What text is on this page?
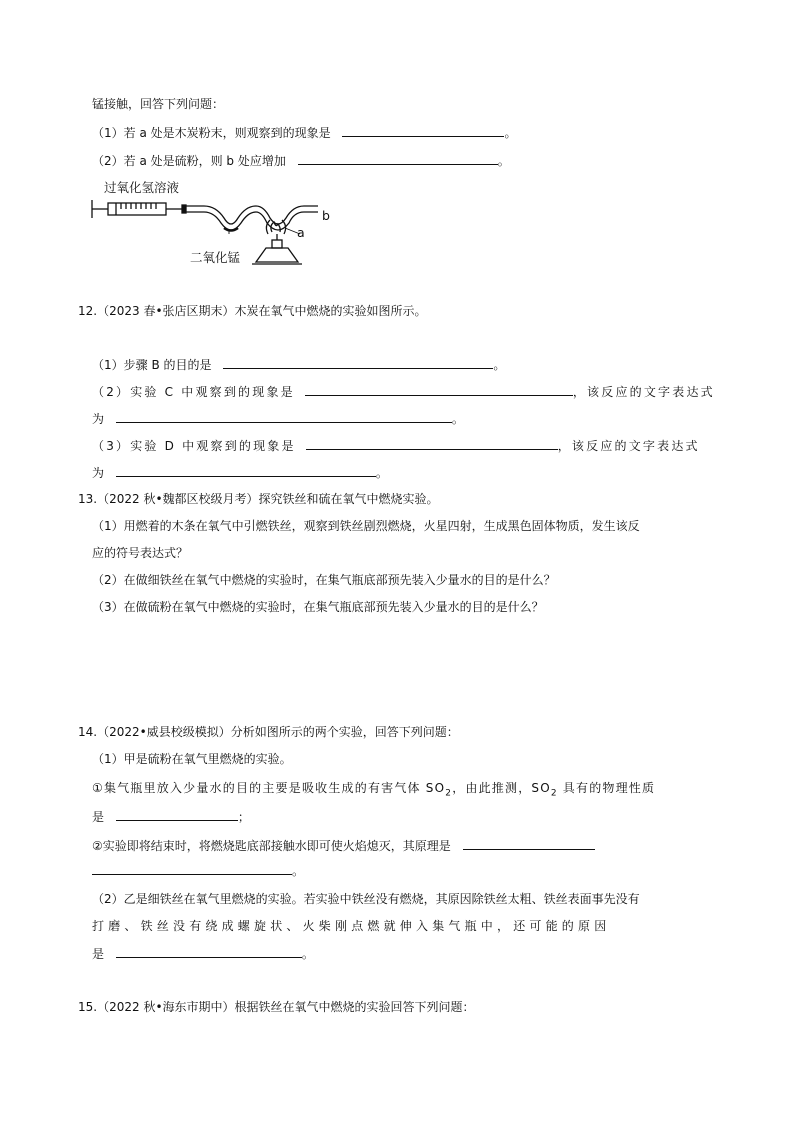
锰接触，回答下列问题：
（1）若 a 处是木炭粉末，则观察到的现象是	。
（2）若 a 处是硫粉，则 b 处应增加	。
过氧化氢溶液
二氧化锰
a
b
12.（2023 春•张店区期末）木炭在氧气中燃烧的实验如图所示。
（1）步骤 B 的目的是	。
（2）实验 C 中观察到的现象是	，该反应的文字表达式
为	。
（3）实验 D 中观察到的现象是	，该反应的文字表达式
为	。
13.（2022 秋•魏都区校级月考）探究铁丝和硫在氧气中燃烧实验。
（1）用燃着的木条在氧气中引燃铁丝，观察到铁丝剧烈燃烧，火星四射，生成黑色固体物质，发生该反
应的符号表达式？
（2）在做细铁丝在氧气中燃烧的实验时，在集气瓶底部预先装入少量水的目的是什么？
（3）在做硫粉在氧气中燃烧的实验时，在集气瓶底部预先装入少量水的目的是什么？
14.（2022•威县校级模拟）分析如图所示的两个实验，回答下列问题：
（1）甲是硫粉在氧气里燃烧的实验。
①集气瓶里放入少量水的目的主要是吸收生成的有害气体 $SO_2$，由此推测，$SO_2$ 具有的物理性质
是	；
②实验即将结束时，将燃烧匙底部接触水即可使火焰熄灭，其原理是
。
（2）乙是细铁丝在氧气里燃烧的实验。若实验中铁丝没有燃烧，其原因除铁丝太粗、铁丝表面事先没有
打磨、铁丝没有绕成螺旋状、火柴刚点燃就伸入集气瓶中，还可能的原因
是	。
15.（2022 秋•海东市期中）根据铁丝在氧气中燃烧的实验回答下列问题：
